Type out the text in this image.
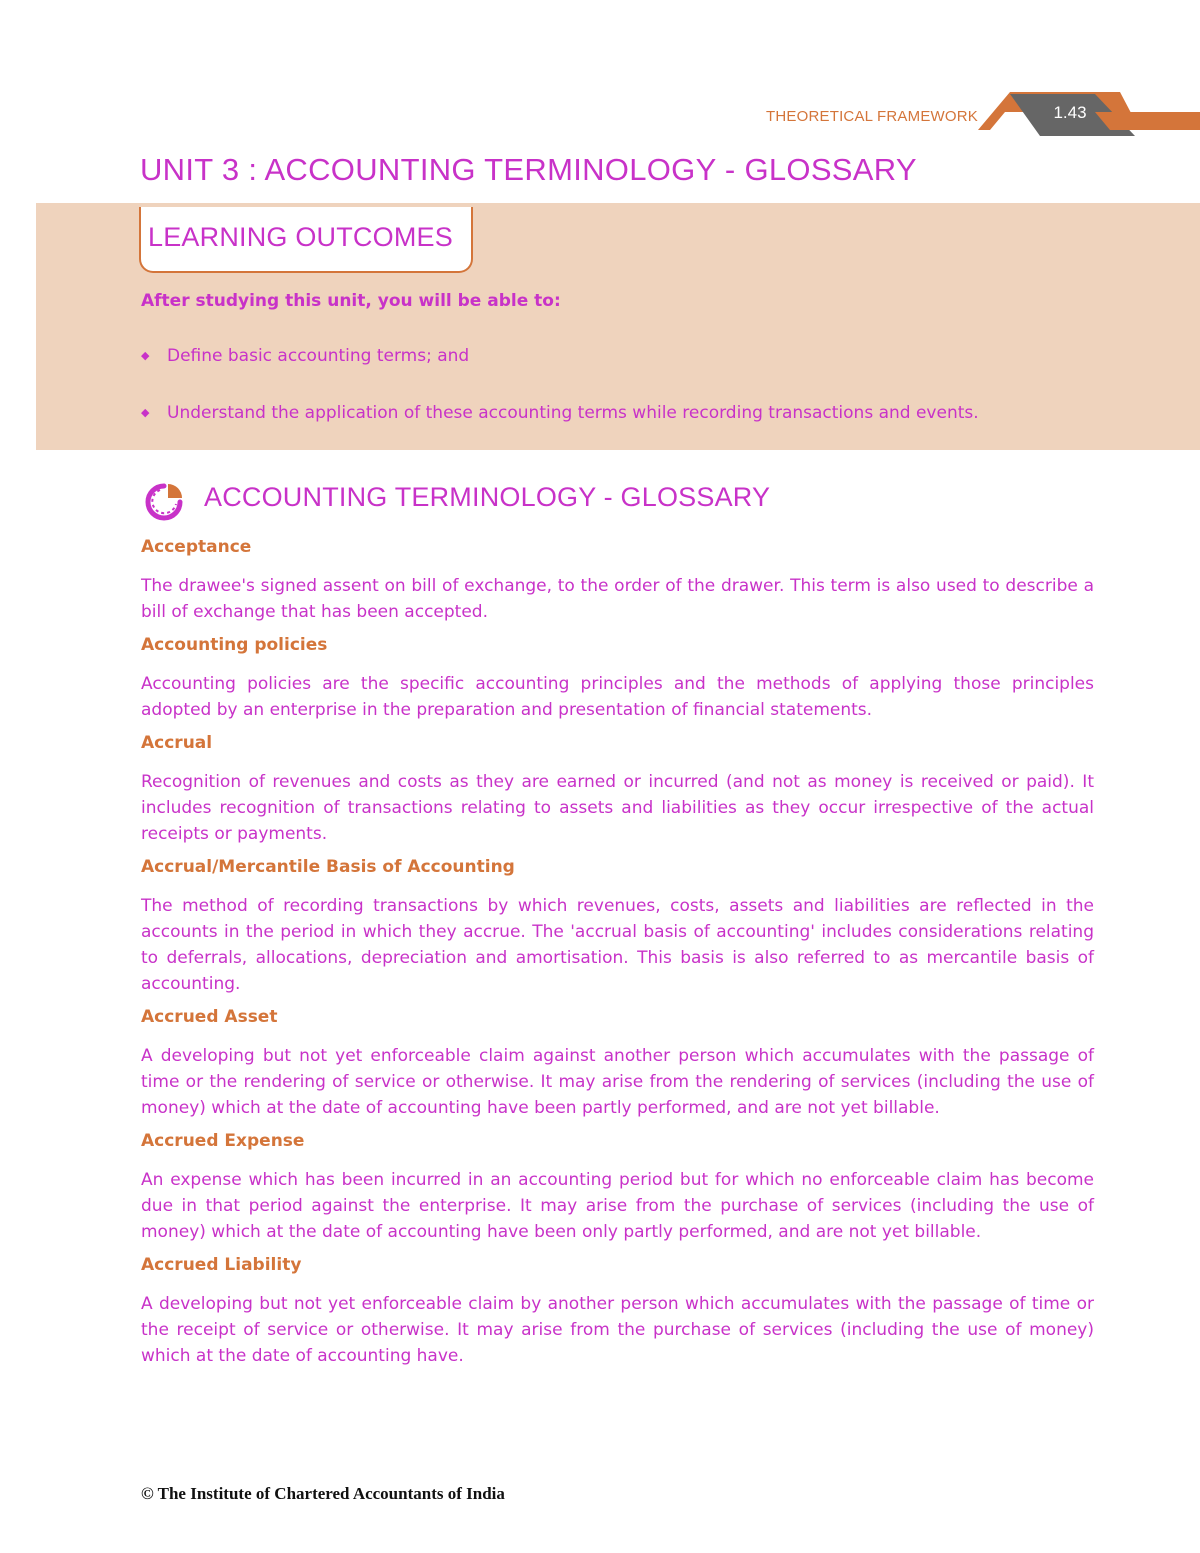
THEORETICAL FRAMEWORK	1.43
UNIT 3 : ACCOUNTING TERMINOLOGY - GLOSSARY
LEARNING OUTCOMES
After studying this unit, you will be able to:
◆ Define basic accounting terms; and
◆ Understand the application of these accounting terms while recording transactions and events.
ACCOUNTING TERMINOLOGY - GLOSSARY

Acceptance

The drawee's signed assent on bill of exchange, to the order of the drawer. This term is also used to describe a bill of exchange that has been accepted.

Accounting policies

Accounting policies are the specific accounting principles and the methods of applying those principles adopted by an enterprise in the preparation and presentation of financial statements.

Accrual

Recognition of revenues and costs as they are earned or incurred (and not as money is received or paid). It includes recognition of transactions relating to assets and liabilities as they occur irrespective of the actual receipts or payments.

Accrual/Mercantile Basis of Accounting

The method of recording transactions by which revenues, costs, assets and liabilities are reflected in the accounts in the period in which they accrue. The 'accrual basis of accounting' includes considerations relating to deferrals, allocations, depreciation and amortisation. This basis is also referred to as mercantile basis of accounting.

Accrued Asset

A developing but not yet enforceable claim against another person which accumulates with the passage of time or the rendering of service or otherwise. It may arise from the rendering of services (including the use of money) which at the date of accounting have been partly performed, and are not yet billable.

Accrued Expense

An expense which has been incurred in an accounting period but for which no enforceable claim has become due in that period against the enterprise. It may arise from the purchase of services (including the use of money) which at the date of accounting have been only partly performed, and are not yet billable.

Accrued Liability

A developing but not yet enforceable claim by another person which accumulates with the passage of time or the receipt of service or otherwise. It may arise from the purchase of services (including the use of money) which at the date of accounting have.

© The Institute of Chartered Accountants of India
